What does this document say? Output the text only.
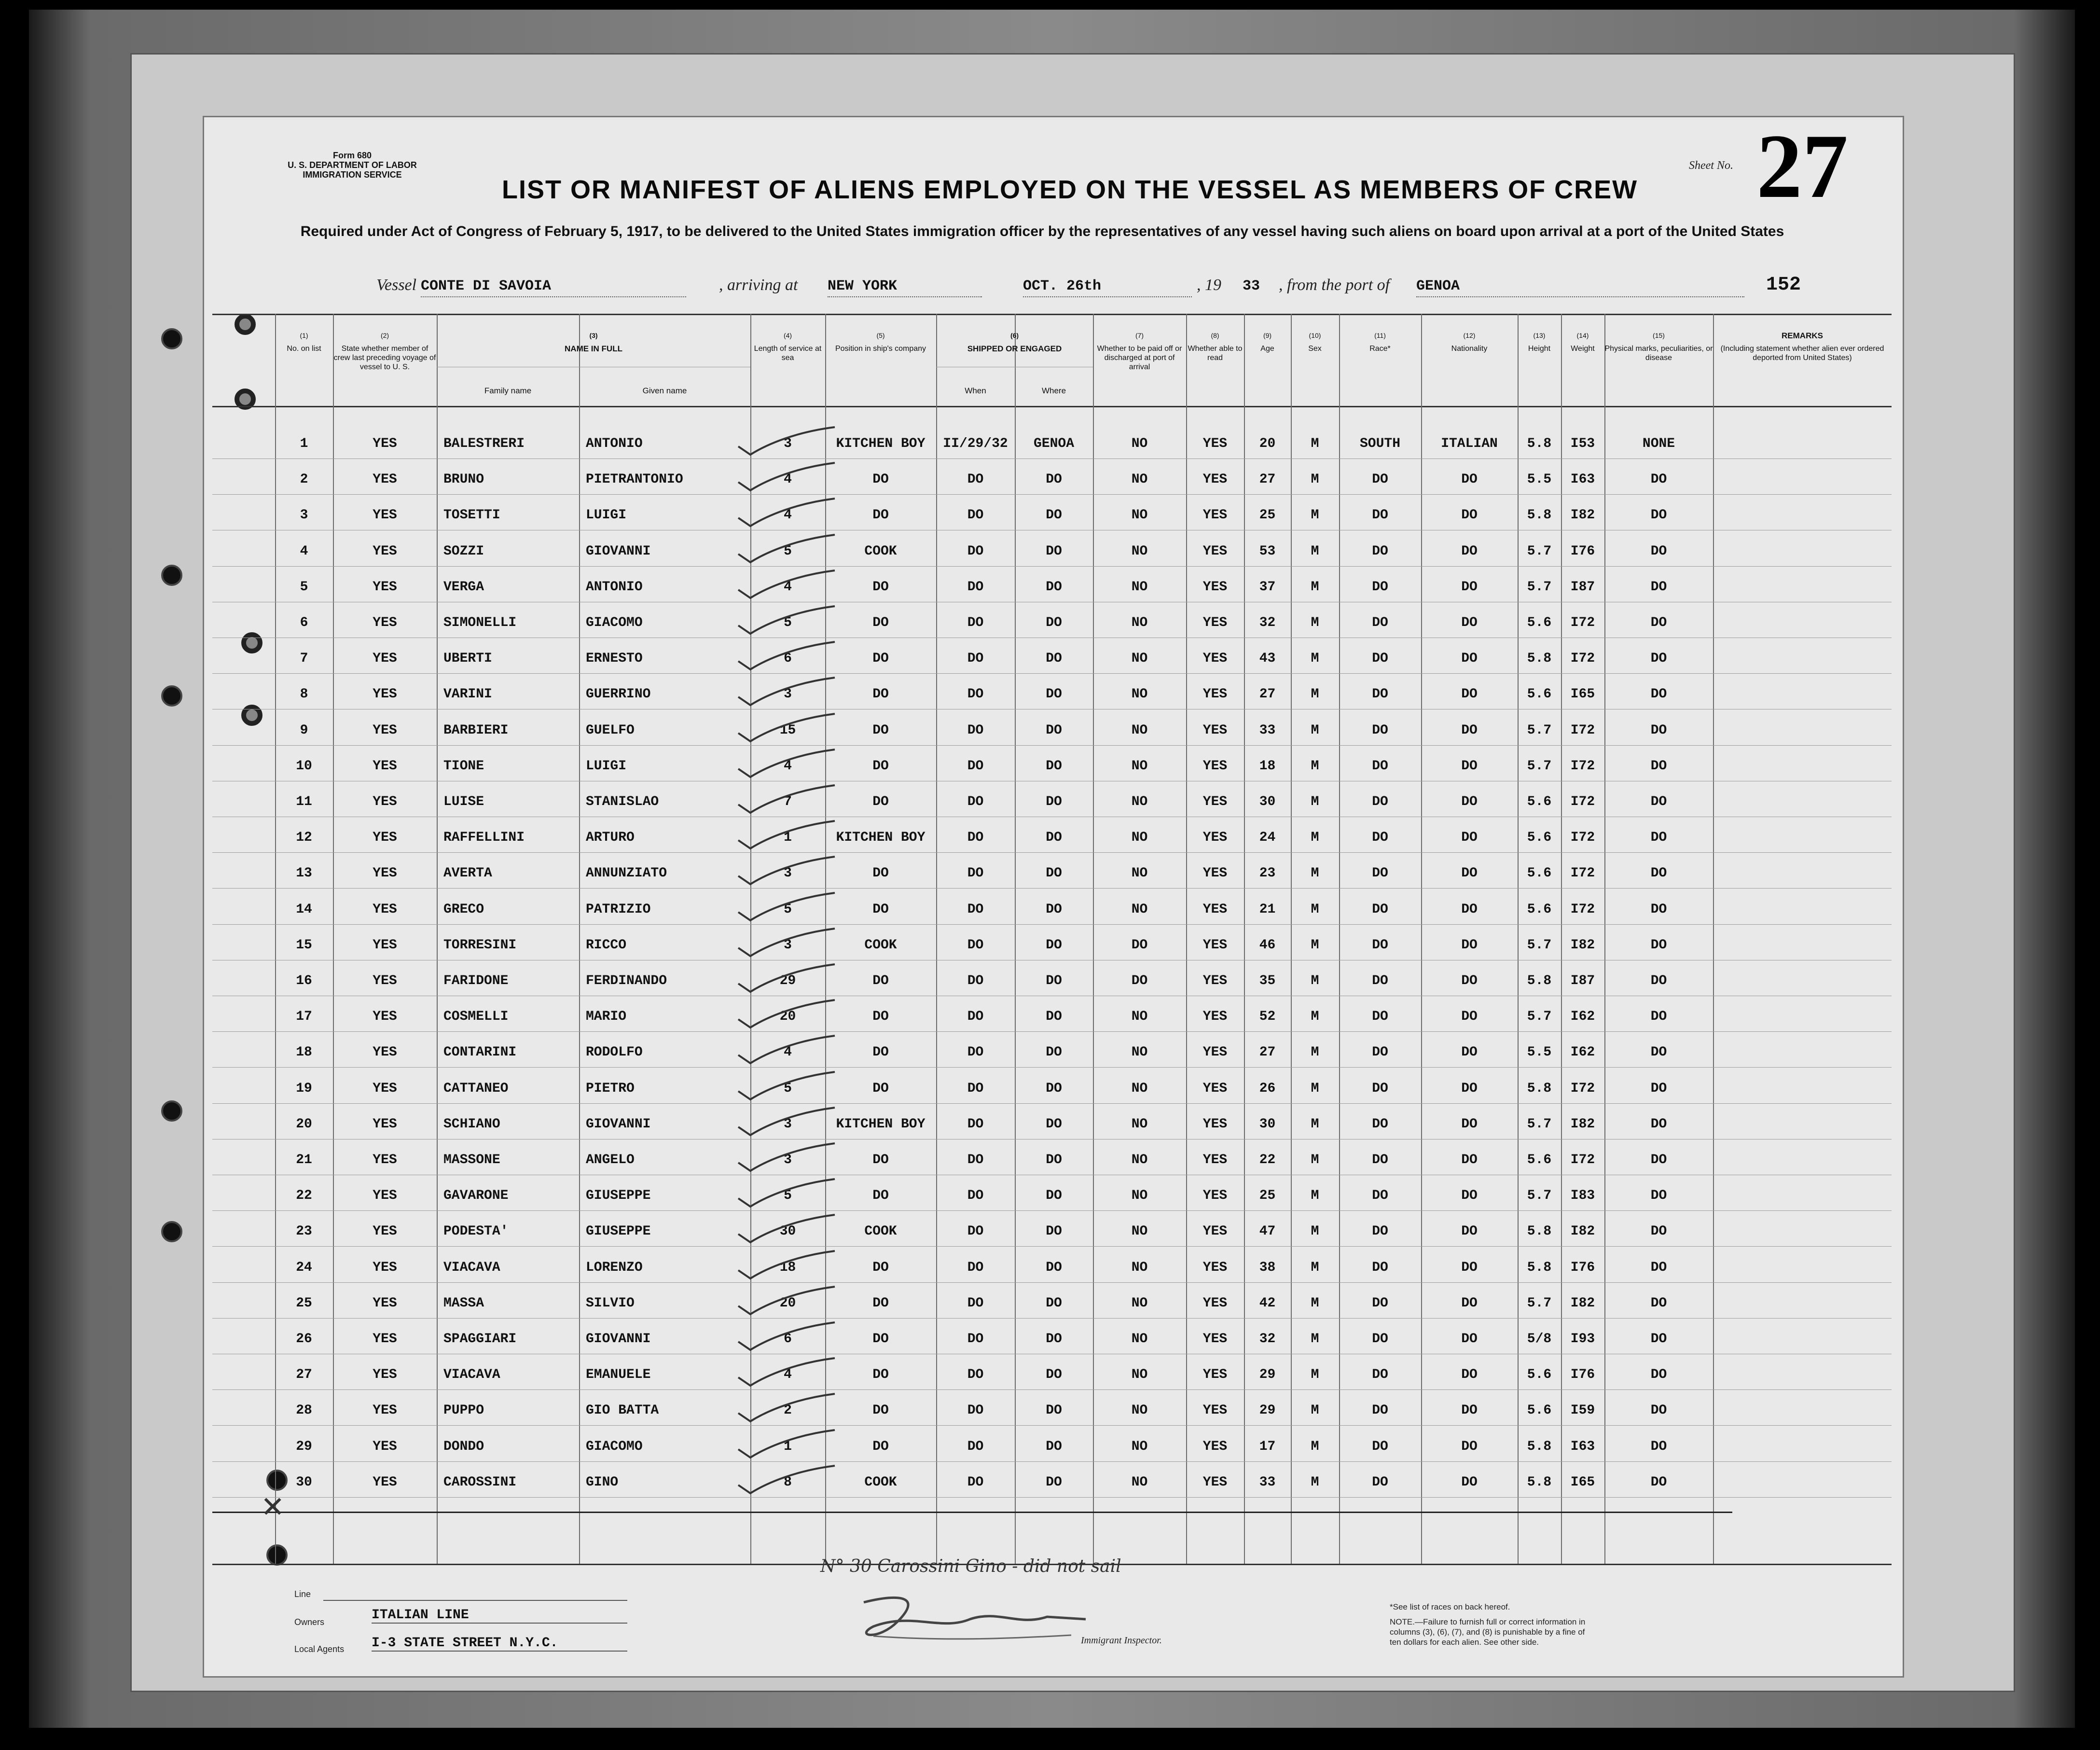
Form 680
U. S. DEPARTMENT OF LABOR
IMMIGRATION SERVICE
LIST OR MANIFEST OF ALIENS EMPLOYED ON THE VESSEL AS MEMBERS OF CREW
Sheet No. 27
Required under Act of Congress of February 5, 1917, to be delivered to the United States immigration officer by the representatives of any vessel having such aliens on board upon arrival at a port of the United States
Vessel CONTE DI SAVOIA	, arriving at NEW YORK	OCT. 26th	, 19 33	, from the port of GENOA	152
(1)
No. on list
(2)
State whether member of crew last preceding voyage of vessel to U. S.
(3)
NAME IN FULL
Family name	Given name
(4)
Length of service at sea
(5)
Position in ship's company
(6)
SHIPPED OR ENGAGED
When	Where
(7)
Whether to be paid off or discharged at port of arrival
(8)
Whether able to read
(9)
Age
(10)
Sex
(11)
Race*
(12)
Nationality
(13)
Height
(14)
Weight
(15)
Physical marks, peculiarities, or disease
REMARKS
(Including statement whether alien ever ordered deported from United States)
1	YES	BALESTRERI	ANTONIO	3	KITCHEN BOY	II/29/32	GENOA	NO	YES	20	M	SOUTH	ITALIAN	5.8	I53	NONE
2	YES	BRUNO	PIETRANTONIO	4	DO	DO	DO	NO	YES	27	M	DO	DO	5.5	I63	DO
3	YES	TOSETTI	LUIGI	4	DO	DO	DO	NO	YES	25	M	DO	DO	5.8	I82	DO
4	YES	SOZZI	GIOVANNI	5	COOK	DO	DO	NO	YES	53	M	DO	DO	5.7	I76	DO
5	YES	VERGA	ANTONIO	4	DO	DO	DO	NO	YES	37	M	DO	DO	5.7	I87	DO
6	YES	SIMONELLI	GIACOMO	5	DO	DO	DO	NO	YES	32	M	DO	DO	5.6	I72	DO
7	YES	UBERTI	ERNESTO	6	DO	DO	DO	NO	YES	43	M	DO	DO	5.8	I72	DO
8	YES	VARINI	GUERRINO	3	DO	DO	DO	NO	YES	27	M	DO	DO	5.6	I65	DO
9	YES	BARBIERI	GUELFO	15	DO	DO	DO	NO	YES	33	M	DO	DO	5.7	I72	DO
10	YES	TIONE	LUIGI	4	DO	DO	DO	NO	YES	18	M	DO	DO	5.7	I72	DO
11	YES	LUISE	STANISLAO	7	DO	DO	DO	NO	YES	30	M	DO	DO	5.6	I72	DO
12	YES	RAFFELLINI	ARTURO	1	KITCHEN BOY	DO	DO	NO	YES	24	M	DO	DO	5.6	I72	DO
13	YES	AVERTA	ANNUNZIATO	3	DO	DO	DO	NO	YES	23	M	DO	DO	5.6	I72	DO
14	YES	GRECO	PATRIZIO	5	DO	DO	DO	NO	YES	21	M	DO	DO	5.6	I72	DO
15	YES	TORRESINI	RICCO	3	COOK	DO	DO	DO	YES	46	M	DO	DO	5.7	I82	DO
16	YES	FARIDONE	FERDINANDO	29	DO	DO	DO	DO	YES	35	M	DO	DO	5.8	I87	DO
17	YES	COSMELLI	MARIO	20	DO	DO	DO	NO	YES	52	M	DO	DO	5.7	I62	DO
18	YES	CONTARINI	RODOLFO	4	DO	DO	DO	NO	YES	27	M	DO	DO	5.5	I62	DO
19	YES	CATTANEO	PIETRO	5	DO	DO	DO	NO	YES	26	M	DO	DO	5.8	I72	DO
20	YES	SCHIANO	GIOVANNI	3	KITCHEN BOY	DO	DO	NO	YES	30	M	DO	DO	5.7	I82	DO
21	YES	MASSONE	ANGELO	3	DO	DO	DO	NO	YES	22	M	DO	DO	5.6	I72	DO
22	YES	GAVARONE	GIUSEPPE	5	DO	DO	DO	NO	YES	25	M	DO	DO	5.7	I83	DO
23	YES	PODESTA'	GIUSEPPE	30	COOK	DO	DO	NO	YES	47	M	DO	DO	5.8	I82	DO
24	YES	VIACAVA	LORENZO	18	DO	DO	DO	NO	YES	38	M	DO	DO	5.8	I76	DO
25	YES	MASSA	SILVIO	20	DO	DO	DO	NO	YES	42	M	DO	DO	5.7	I82	DO
26	YES	SPAGGIARI	GIOVANNI	6	DO	DO	DO	NO	YES	32	M	DO	DO	5/8	I93	DO
27	YES	VIACAVA	EMANUELE	4	DO	DO	DO	NO	YES	29	M	DO	DO	5.6	I76	DO
28	YES	PUPPO	GIO BATTA	2	DO	DO	DO	NO	YES	29	M	DO	DO	5.6	I59	DO
29	YES	DONDO	GIACOMO	1	DO	DO	DO	NO	YES	17	M	DO	DO	5.8	I63	DO
30	YES	CAROSSINI	GINO	8	COOK	DO	DO	NO	YES	33	M	DO	DO	5.8	I65	DO
Line
Owners	ITALIAN LINE
Local Agents I-3 STATE STREET N.Y.C.
N° 30 Carossini Gino - did not sail
Immigrant Inspector.
*See list of races on back hereof.
NOTE.—Failure to furnish full or correct information in columns (3), (6), (7), and (8) is punishable by a fine of ten dollars for each alien. See other side.
✕
